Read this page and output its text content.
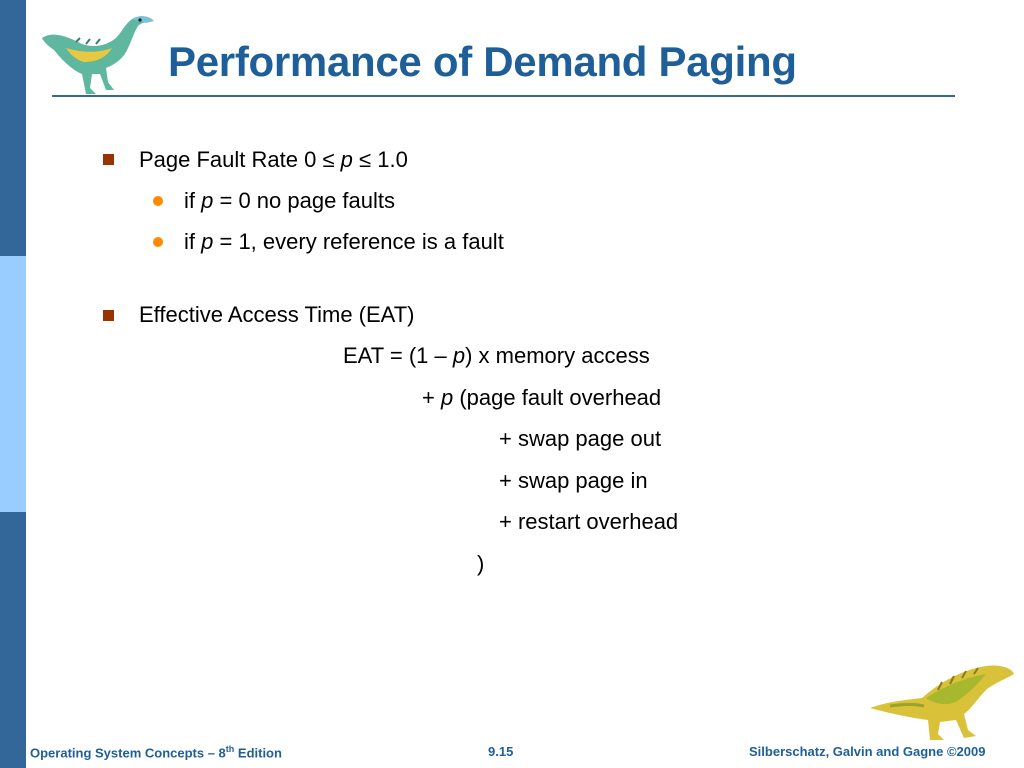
Performance of Demand Paging
Page Fault Rate 0 ≤ p ≤ 1.0
if p = 0 no page faults
if p = 1, every reference is a fault
Effective Access Time (EAT)
EAT = (1 – p) x memory access
+ p (page fault overhead
+ swap page out
+ swap page in
+ restart overhead
)
Operating System Concepts – 8th Edition	9.15	Silberschatz, Galvin and Gagne ©2009
